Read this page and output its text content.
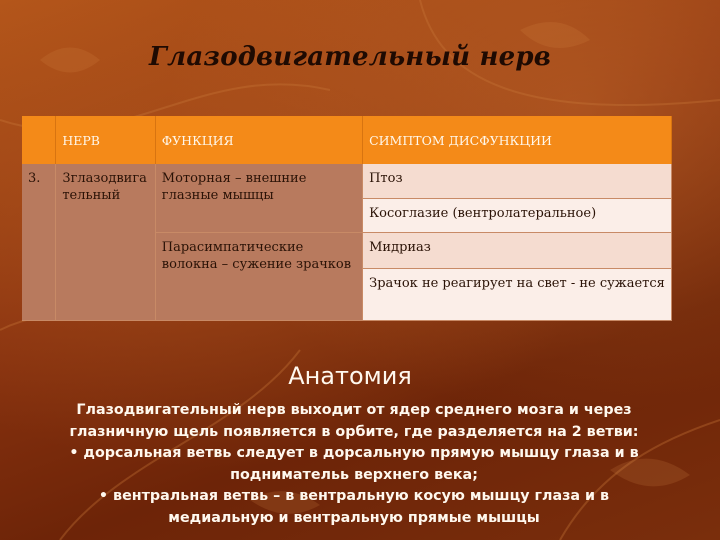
Глазодвигательный нерв
	НЕРВ	ФУНКЦИЯ	СИМПТОМ ДИСФУНКЦИИ
3.	3глазодвига тельный	Моторная – внешние глазные мышцы	Птоз
			Косоглазие (вентролатеральное)
		Парасимпатические волокна – сужение зрачков	Мидриаз
			Зрачок не реагирует на свет - не сужается
Анатомия
Глазодвигательный нерв выходит от ядер среднего мозга и через
глазничную щель появляется в орбите, где разделяется на 2 ветви:
• дорсальная ветвь следует в дорсальную прямую мышцу глаза и в
поднимательь верхнего века;
• вентральная ветвь – в вентральную косую мышцу глаза и в
медиальную и вентральную прямые мышцы
